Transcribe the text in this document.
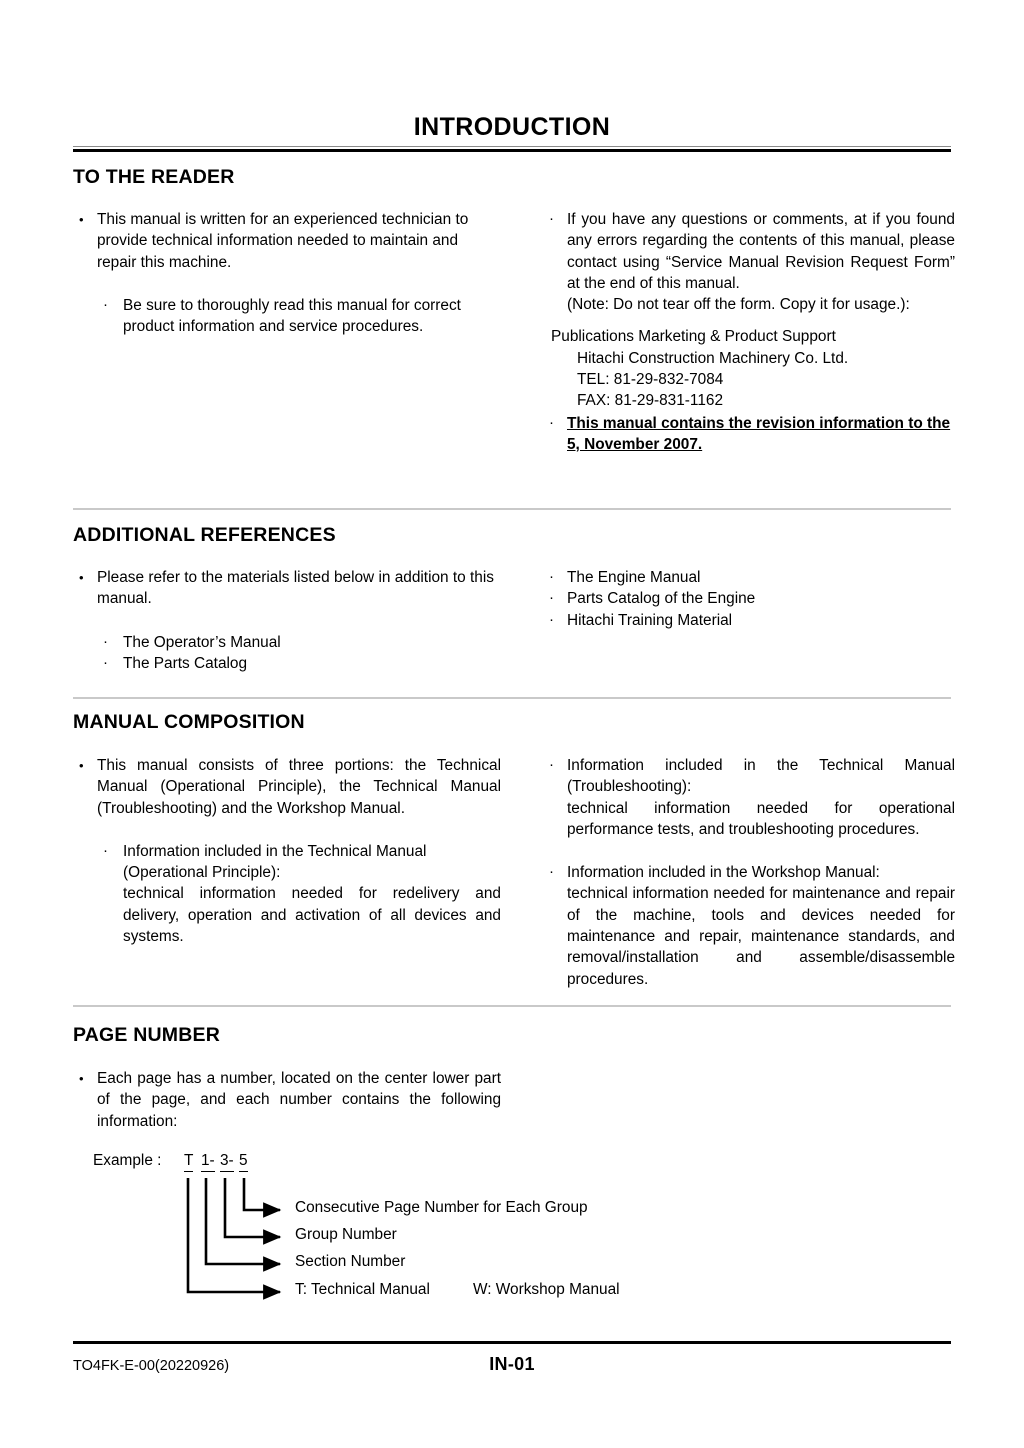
INTRODUCTION
TO THE READER
• This manual is written for an experienced technician to provide technical information needed to maintain and repair this machine.
· Be sure to thoroughly read this manual for correct product information and service procedures.
· If you have any questions or comments, at if you found any errors regarding the contents of this manual, please contact using “Service Manual Revision Request Form” at the end of this manual.
(Note: Do not tear off the form. Copy it for usage.):
Publications Marketing & Product Support
Hitachi Construction Machinery Co. Ltd.
TEL: 81-29-832-7084
FAX: 81-29-831-1162
· This manual contains the revision information to the 5, November 2007.
ADDITIONAL REFERENCES
• Please refer to the materials listed below in addition to this manual.
· The Operator’s Manual
· The Parts Catalog
· The Engine Manual
· Parts Catalog of the Engine
· Hitachi Training Material
MANUAL COMPOSITION
• This manual consists of three portions: the Technical Manual (Operational Principle), the Technical Manual (Troubleshooting) and the Workshop Manual.
· Information included in the Technical Manual (Operational Principle):
technical information needed for redelivery and delivery, operation and activation of all devices and systems.
· Information included in the Technical Manual (Troubleshooting):
technical information needed for operational performance tests, and troubleshooting procedures.
· Information included in the Workshop Manual:
technical information needed for maintenance and repair of the machine, tools and devices needed for maintenance and repair, maintenance standards, and removal/installation and assemble/disassemble procedures.
PAGE NUMBER
• Each page has a number, located on the center lower part of the page, and each number contains the following information:
Example : T 1- 3- 5
Consecutive Page Number for Each Group
Group Number
Section Number
T: Technical Manual	W: Workshop Manual
TO4FK-E-00(20220926)	IN-01
